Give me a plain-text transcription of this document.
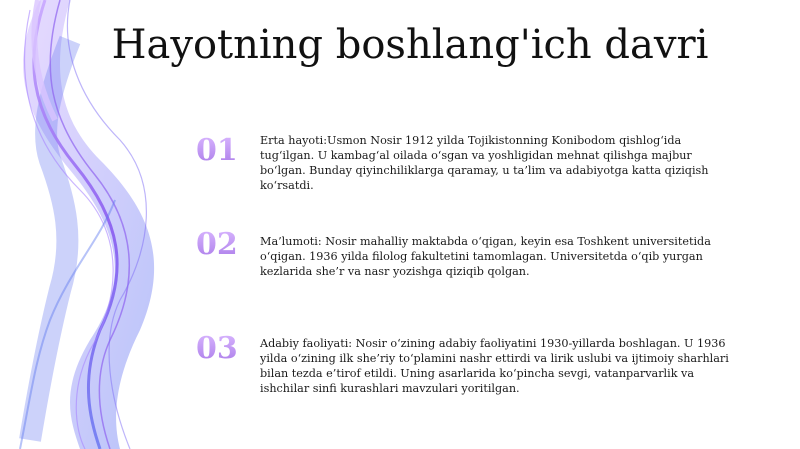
Hayotning boshlang'ich davri
01	Erta hayoti:Usmon Nosir 1912 yilda Tojikistonning Konibodom qishlog‘ida tug‘ilgan. U kambag‘al oilada o‘sgan va yoshligidan mehnat qilishga majbur bo‘lgan. Bunday qiyinchiliklarga qaramay, u ta’lim va adabiyotga katta qiziqish ko‘rsatdi.
02	Ma’lumoti: Nosir mahalliy maktabda o‘qigan, keyin esa Toshkent universitetida o‘qigan. 1936 yilda filolog fakultetini tamomlagan. Universitetda o‘qib yurgan kezlarida she’r va nasr yozishga qiziqib qolgan.
03	Adabiy faoliyati: Nosir o‘zining adabiy faoliyatini 1930-yillarda boshlagan. U 1936 yilda o‘zining ilk she’riy to‘plamini nashr ettirdi va lirik uslubi va ijtimoiy sharhlari bilan tezda e’tirof etildi. Uning asarlarida ko‘pincha sevgi, vatanparvarlik va ishchilar sinfi kurashlari mavzulari yoritilgan.
